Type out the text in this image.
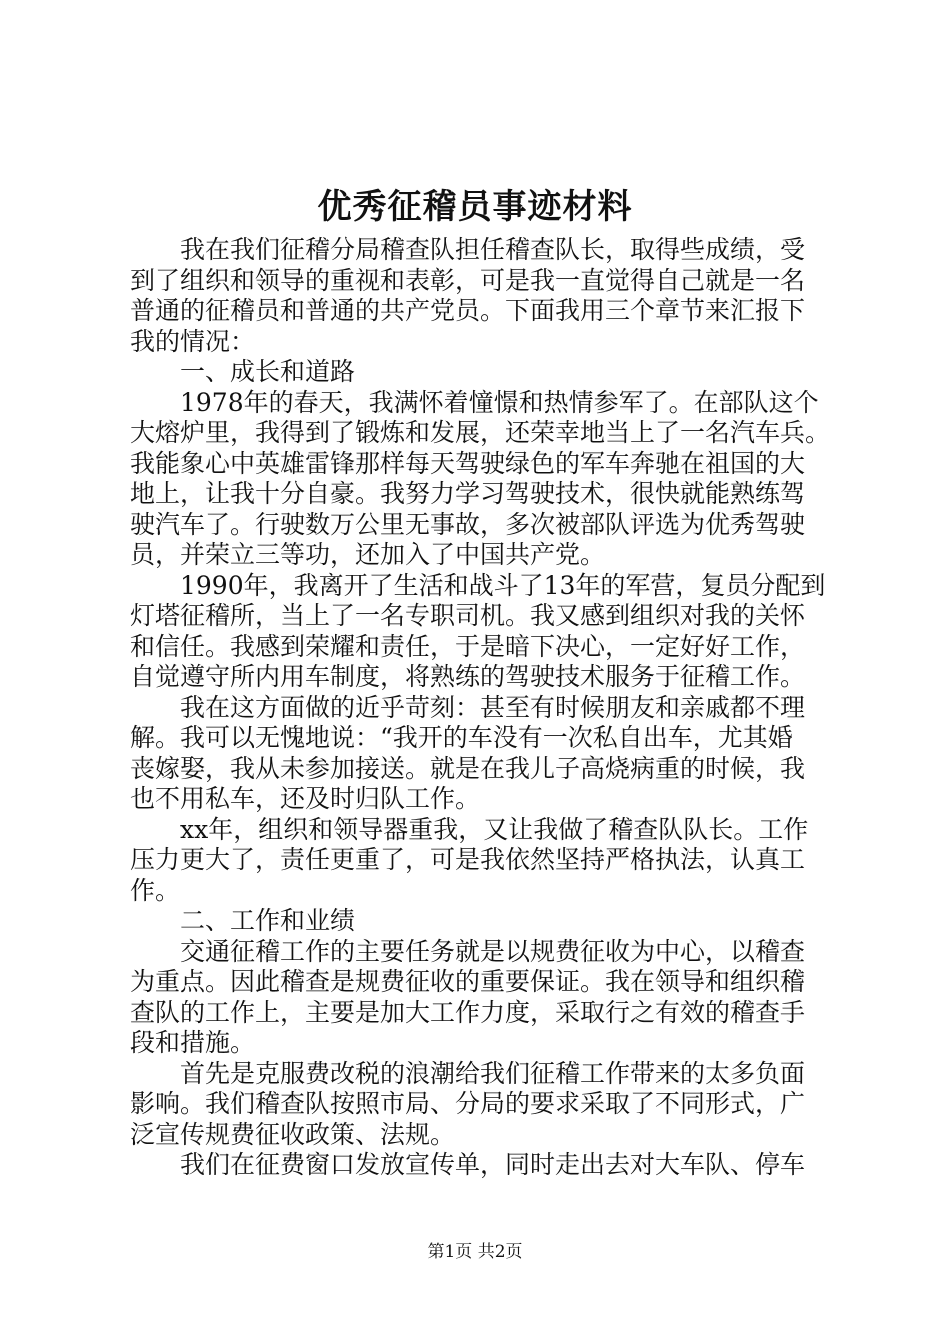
优秀征稽员事迹材料
我在我们征稽分局稽查队担任稽查队长，取得些成绩，受
到了组织和领导的重视和表彰，可是我一直觉得自己就是一名
普通的征稽员和普通的共产党员。下面我用三个章节来汇报下
我的情况：
一、成长和道路
1978年的春天，我满怀着憧憬和热情参军了。在部队这个
大熔炉里，我得到了锻炼和发展，还荣幸地当上了一名汽车兵。
我能象心中英雄雷锋那样每天驾驶绿色的军车奔驰在祖国的大
地上，让我十分自豪。我努力学习驾驶技术，很快就能熟练驾
驶汽车了。行驶数万公里无事故，多次被部队评选为优秀驾驶
员，并荣立三等功，还加入了中国共产党。
1990年，我离开了生活和战斗了13年的军营，复员分配到
灯塔征稽所，当上了一名专职司机。我又感到组织对我的关怀
和信任。我感到荣耀和责任，于是暗下决心，一定好好工作，
自觉遵守所内用车制度，将熟练的驾驶技术服务于征稽工作。
我在这方面做的近乎苛刻：甚至有时候朋友和亲戚都不理
解。我可以无愧地说：“我开的车没有一次私自出车，尤其婚
丧嫁娶，我从未参加接送。就是在我儿子高烧病重的时候，我
也不用私车，还及时归队工作。
xx年，组织和领导器重我，又让我做了稽查队队长。工作
压力更大了，责任更重了，可是我依然坚持严格执法，认真工
作。
二、工作和业绩
交通征稽工作的主要任务就是以规费征收为中心，以稽查
为重点。因此稽查是规费征收的重要保证。我在领导和组织稽
查队的工作上，主要是加大工作力度，采取行之有效的稽查手
段和措施。
首先是克服费改税的浪潮给我们征稽工作带来的太多负面
影响。我们稽查队按照市局、分局的要求采取了不同形式，广
泛宣传规费征收政策、法规。
我们在征费窗口发放宣传单，同时走出去对大车队、停车
第1页 共2页
